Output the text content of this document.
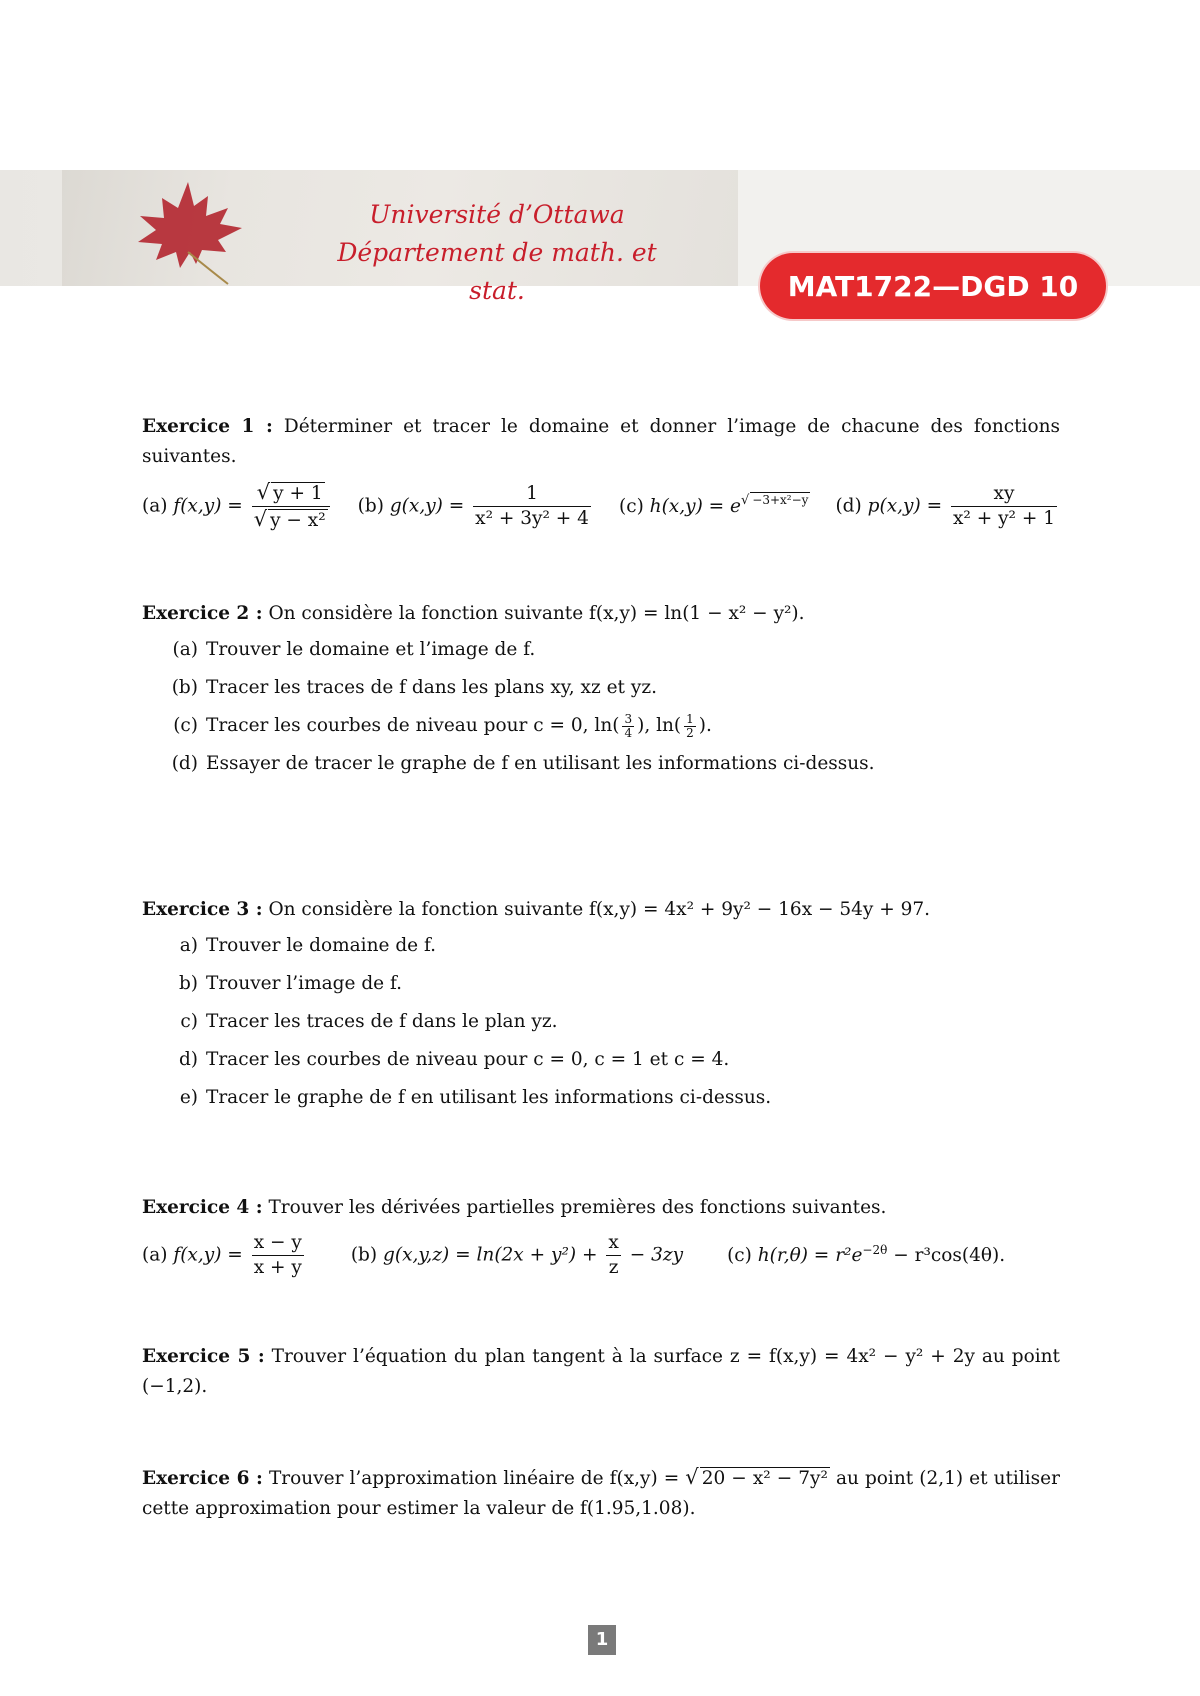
Université d’Ottawa
Département de math. et stat.	MAT1722—DGD 10

Exercice 1 : Déterminer et tracer le domaine et donner l’image de chacune des fonctions suivantes.

(a) $f(x,y) = \frac{√ y + 1}{\text{√ y − x²}} (b) g(x,y) = \frac{1}{\text{x² + 3y² + 4}} (c) h(x,y) = e^{√ -3+x^2-y}$ (d) $p(x,y) = \frac{xy}{\text{x² + y² + 1}}$

Exercice 2 : On considère la fonction suivante f(x,y) = ln(1 − x² − y²).

(a) Trouver le domaine et l’image de f.
(b) Tracer les traces de f dans les plans xy, xz et yz.
(c) Tracer les courbes de niveau pour c = 0, $\ln( \frac{3}{4}$ ), $\ln( \frac{1}{2}$ ).
(d) Essayer de tracer le graphe de f en utilisant les informations ci-dessus.

Exercice 3 : On considère la fonction suivante f(x,y) = 4x² + 9y² − 16x − 54y + 97.

a) Trouver le domaine de f.
b) Trouver l’image de f.
c) Tracer les traces de f dans le plan yz.
d) Tracer les courbes de niveau pour c = 0, c = 1 et c = 4.
e) Tracer le graphe de f en utilisant les informations ci-dessus.

Exercice 4 : Trouver les dérivées partielles premières des fonctions suivantes.

(a) $f(x,y) = \frac{x - y}{x + y}$	(b) $g(x,y,z) = \ln(2x + y^2) + \frac{x}{z} - 3zy$ (c) $h(r,\theta) = r^2e^{-2\theta} - r^3\cos(4\theta)$.

Exercice 5 : Trouver l’équation du plan tangent à la surface z = f(x,y) = 4x² − y² + 2y au point (−1,2).

Exercice 6 : Trouver l’approximation linéaire de f(x,y) = √ 20 − x² − 7y² au point (2,1) et utiliser cette approximation pour estimer la valeur de f(1.95,1.08).

1
